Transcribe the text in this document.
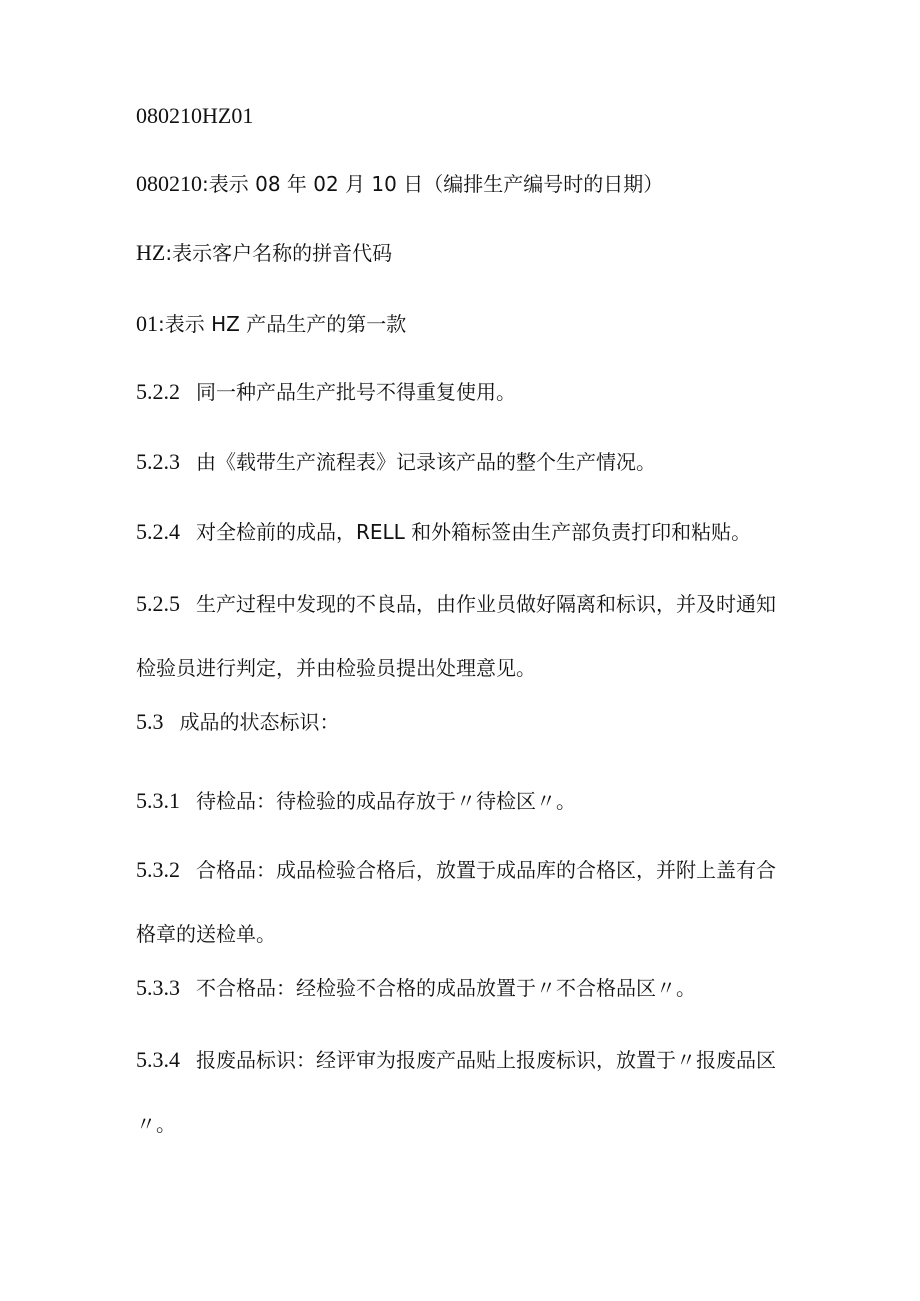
080210HZ01
080210:表示 08 年 02 月 10 日（编排生产编号时的日期）
HZ:表示客户名称的拼音代码
01:表示 HZ 产品生产的第一款
5.2.2 同一种产品生产批号不得重复使用。
5.2.3 由《载带生产流程表》记录该产品的整个生产情况。
5.2.4 对全检前的成品，RELL 和外箱标签由生产部负责打印和粘贴。
5.2.5 生产过程中发现的不良品，由作业员做好隔离和标识，并及时通知检验员进行判定，并由检验员提出处理意见。
5.3 成品的状态标识：
5.3.1 待检品：待检验的成品存放于〃待检区〃。
5.3.2 合格品：成品检验合格后，放置于成品库的合格区，并附上盖有合格章的送检单。
5.3.3 不合格品：经检验不合格的成品放置于〃不合格品区〃。
5.3.4 报废品标识：经评审为报废产品贴上报废标识，放置于〃报废品区〃。
